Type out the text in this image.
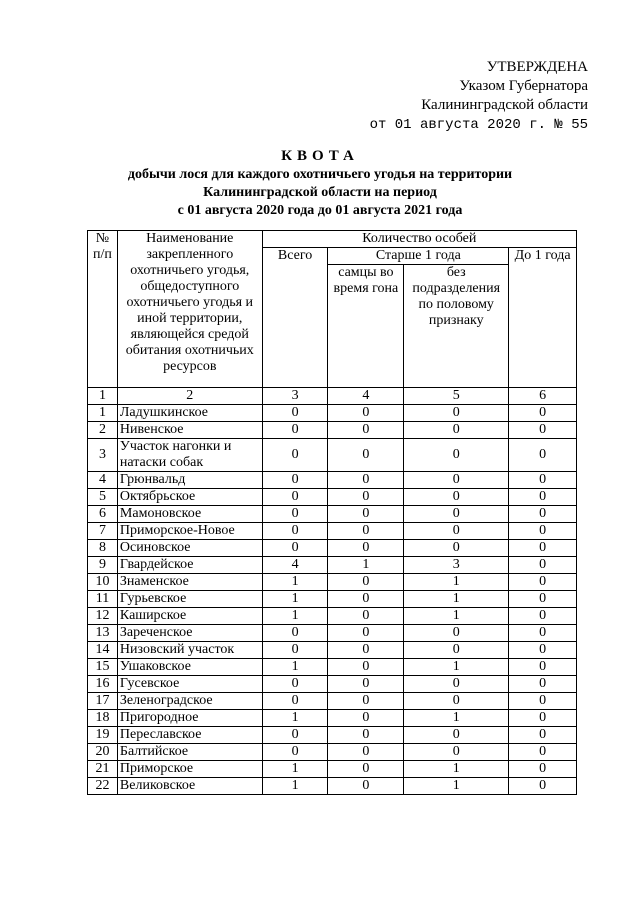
УТВЕРЖДЕНА
Указом Губернатора
Калининградской области
от 01 августа 2020 г. № 55
КВОТА
добычи лося для каждого охотничьего угодья на территории
Калининградской области на период
с 01 августа 2020 года до 01 августа 2021 года
№ п/п	Наименование закрепленного охотничьего угодья, общедоступного охотничьего угодья и иной территории, являющейся средой обитания охотничьих ресурсов	Количество особей			
		Всего	Старше 1 года		До 1 года
			самцы во время гона	без подразделения по половому признаку	
1	2	3	4	5	6
1	Ладушкинское	0	0	0	0
2	Нивенское	0	0	0	0
3	Участок нагонки и натаски собак	0	0	0	0
4	Грюнвальд	0	0	0	0
5	Октябрьское	0	0	0	0
6	Мамоновское	0	0	0	0
7	Приморское-Новое	0	0	0	0
8	Осиновское	0	0	0	0
9	Гвардейское	4	1	3	0
10	Знаменское	1	0	1	0
11	Гурьевское	1	0	1	0
12	Каширское	1	0	1	0
13	Зареченское	0	0	0	0
14	Низовский участок	0	0	0	0
15	Ушаковское	1	0	1	0
16	Гусевское	0	0	0	0
17	Зеленоградское	0	0	0	0
18	Пригородное	1	0	1	0
19	Переславское	0	0	0	0
20	Балтийское	0	0	0	0
21	Приморское	1	0	1	0
22	Великовское	1	0	1	0
